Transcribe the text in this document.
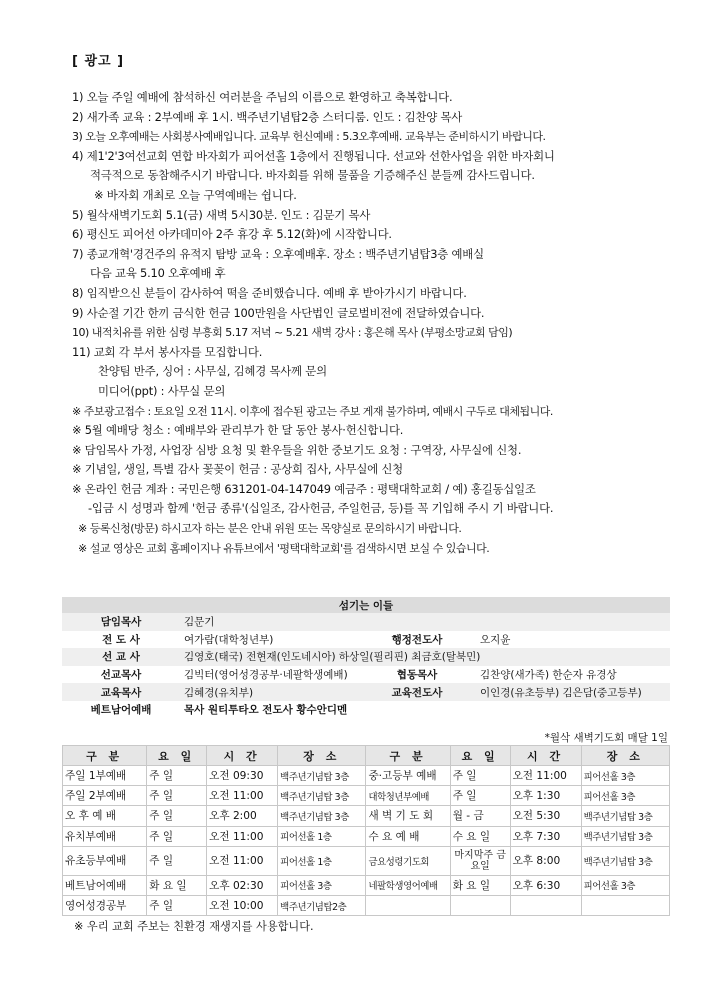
[ 광고 ]
1) 오늘 주일 예배에 참석하신 여러분을 주님의 이름으로 환영하고 축복합니다.
2) 새가족 교육 : 2부예배 후 1시. 백주년기념탑2층 스터디룸. 인도 : 김찬양 목사
3) 오늘 오후예배는 사회봉사예배입니다. 교육부 헌신예배 : 5.3오후예배. 교육부는 준비하시기 바랍니다.
4) 제1'2'3여선교회 연합 바자회가 피어선홀 1층에서 진행됩니다. 선교와 선한사업을 위한 바자회니
적극적으로 동참해주시기 바랍니다. 바자회를 위해 물품을 기증해주신 분들께 감사드립니다.
※ 바자회 개최로 오늘 구역예배는 쉽니다.
5) 월삭새벽기도회 5.1(금) 새벽 5시30분. 인도 : 김문기 목사
6) 평신도 피어선 아카데미아 2주 휴강 후 5.12(화)에 시작합니다.
7) 종교개혁'경건주의 유적지 탐방 교육 : 오후예배후. 장소 : 백주년기념탑3층 예배실
다음 교육 5.10 오후예배 후
8) 임직받으신 분들이 감사하여 떡을 준비했습니다. 예배 후 받아가시기 바랍니다.
9) 사순절 기간 한끼 금식한 헌금 100만원을 사단법인 글로벌비전에 전달하였습니다.
10) 내적치유를 위한 심령 부흥회 5.17 저녁 ~ 5.21 새벽 강사 : 홍은해 목사 (부평소망교회 담임)
11) 교회 각 부서 봉사자를 모집합니다.
찬양팀 반주, 싱어 : 사무실, 김혜경 목사께 문의
미디어(ppt) : 사무실 문의
※ 주보광고접수 : 토요일 오전 11시. 이후에 접수된 광고는 주보 게재 불가하며, 예배시 구두로 대체됩니다.
※ 5월 예배당 청소 : 예배부와 관리부가 한 달 동안 봉사·헌신합니다.
※ 담임목사 가정, 사업장 심방 요청 및 환우들을 위한 중보기도 요청 : 구역장, 사무실에 신청.
※ 기념일, 생일, 특별 감사 꽃꽂이 헌금 : 공상희 집사, 사무실에 신청
※ 온라인 헌금 계좌 : 국민은행 631201-04-147049 예금주 : 평택대학교회 / 예) 홍길동십일조
-입금 시 성명과 함께 '헌금 종류'(십일조, 감사헌금, 주일헌금, 등)를 꼭 기입해 주시 기 바랍니다.
※ 등록신청(방문) 하시고자 하는 분은 안내 위원 또는 목양실로 문의하시기 바랍니다.
※ 설교 영상은 교회 홈페이지나 유튜브에서 '평택대학교회'를 검색하시면 보실 수 있습니다.
섬기는 이들			
담임목사	김문기		
전 도 사	여가람(대학청년부)	행정전도사	오지윤
선 교 사	김영호(태국) 전현재(인도네시아) 하상일(필리핀) 최금호(탈북민)		
선교목사	김빅터(영어성경공부·네팔학생예배)	협동목사	김찬양(새가족) 한순자 유경상
교육목사	김혜경(유치부)	교육전도사	이인경(유초등부) 김은담(중고등부)
베트남어예배	목사 원티투타오 전도사 황수안디멘		
*월삭 새벽기도회 매달 1일
구 분	요 일	시 간	장 소	구 분	요 일	시 간	장 소
주일 1부예배	주 일	오전 09:30	백주년기념탑 3층	중·고등부 예배	주 일	오전 11:00	피어선홀 3층
주일 2부예배	주 일	오전 11:00	백주년기념탑 3층	대학청년부예배	주 일	오후 1:30	피어선홀 3층
오 후 예 배	주 일	오후 2:00	백주년기념탑 3층	새 벽 기 도 회	월 - 금	오전 5:30	백주년기념탑 3층
유치부예배	주 일	오전 11:00	피어선홀 1층	수 요 예 배	수 요 일	오후 7:30	백주년기념탑 3층
유초등부예배	주 일	오전 11:00	피어선홀 1층	금요성령기도회	마지막주 금요일	오후 8:00	백주년기념탑 3층
베트남어예배	화 요 일	오후 02:30	피어선홀 3층	네팔학생영어예배	화 요 일	오후 6:30	피어선홀 3층
영어성경공부	주 일	오전 10:00	백주년기념탑2층				
※ 우리 교회 주보는 친환경 재생지를 사용합니다.
